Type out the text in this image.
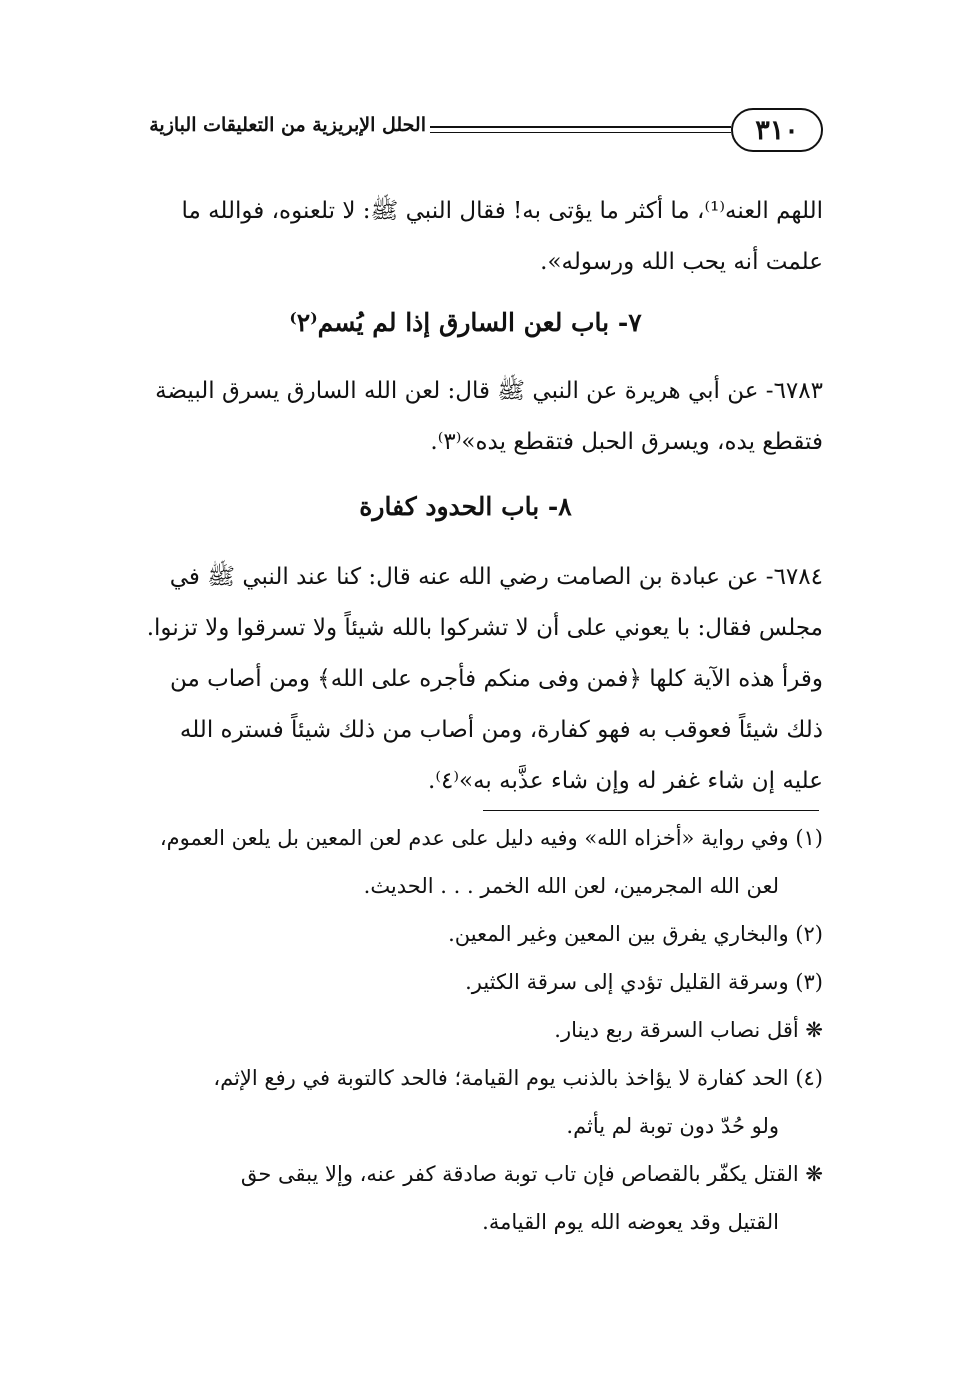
٣١٠
الحلل الإبريزية من التعليقات البازية
اللهم العنه⁽¹⁾، ما أكثر ما يؤتى به! فقال النبي ﷺ: لا تلعنوه، فوالله ما
علمت أنه يحب الله ورسوله».
٧- باب لعن السارق إذا لم يُسم⁽٢⁾
٦٧٨٣- عن أبي هريرة عن النبي ﷺ قال: لعن الله السارق يسرق البيضة
فتقطع يده، ويسرق الحبل فتقطع يده»⁽٣⁾.
٨- باب الحدود كفارة
٦٧٨٤- عن عبادة بن الصامت رضي الله عنه قال: كنا عند النبي ﷺ في
مجلس فقال: با يعوني على أن لا تشركوا بالله شيئاً ولا تسرقوا ولا تزنوا.
وقرأ هذه الآية كلها ﴿فمن وفى منكم فأجره على الله﴾ ومن أصاب من
ذلك شيئاً فعوقب به فهو كفارة، ومن أصاب من ذلك شيئاً فستره الله
عليه إن شاء غفر له وإن شاء عذَّبه به»⁽٤⁾.
(١) وفي رواية «أخزاه الله» وفيه دليل على عدم لعن المعين بل يلعن العموم،
لعن الله المجرمين، لعن الله الخمر . . . الحديث.
(٢) والبخاري يفرق بين المعين وغير المعين.
(٣) وسرقة القليل تؤدي إلى سرقة الكثير.
❋ أقل نصاب السرقة ربع دينار.
(٤) الحد كفارة لا يؤاخذ بالذنب يوم القيامة؛ فالحد كالتوبة في رفع الإثم،
ولو حُدّ دون توبة لم يأثم.
❋ القتل يكفّر بالقصاص فإن تاب توبة صادقة كفر عنه، وإلا يبقى حق
القتيل وقد يعوضه الله يوم القيامة.
